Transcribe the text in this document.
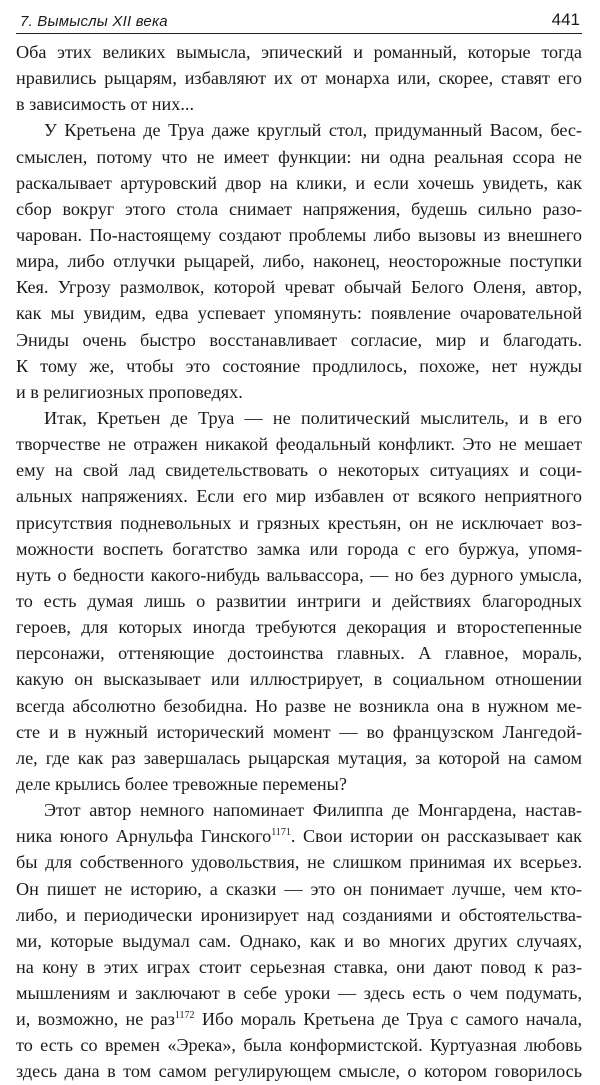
7. Вымыслы XII века	441
Оба этих великих вымысла, эпический и романный, которые тогда
нравились рыцарям, избавляют их от монарха или, скорее, ставят его
в зависимость от них...
У Кретьена де Труа даже круглый стол, придуманный Васом, бес-
смыслен, потому что не имеет функции: ни одна реальная ссора не
раскалывает артуровский двор на клики, и если хочешь увидеть, как
сбор вокруг этого стола снимает напряжения, будешь сильно разо-
чарован. По-настоящему создают проблемы либо вызовы из внешнего
мира, либо отлучки рыцарей, либо, наконец, неосторожные поступки
Кея. Угрозу размолвок, которой чреват обычай Белого Оленя, автор,
как мы увидим, едва успевает упомянуть: появление очаровательной
Эниды очень быстро восстанавливает согласие, мир и благодать.
К тому же, чтобы это состояние продлилось, похоже, нет нужды
и в религиозных проповедях.
Итак, Кретьен де Труа — не политический мыслитель, и в его
творчестве не отражен никакой феодальный конфликт. Это не мешает
ему на свой лад свидетельствовать о некоторых ситуациях и соци-
альных напряжениях. Если его мир избавлен от всякого неприятного
присутствия подневольных и грязных крестьян, он не исключает воз-
можности воспеть богатство замка или города с его буржуа, упомя-
нуть о бедности какого-нибудь вальвассора, — но без дурного умысла,
то есть думая лишь о развитии интриги и действиях благородных
героев, для которых иногда требуются декорация и второстепенные
персонажи, оттеняющие достоинства главных. А главное, мораль,
какую он высказывает или иллюстрирует, в социальном отношении
всегда абсолютно безобидна. Но разве не возникла она в нужном ме-
сте и в нужный исторический момент — во французском Лангедой-
ле, где как раз завершалась рыцарская мутация, за которой на самом
деле крылись более тревожные перемены?
Этот автор немного напоминает Филиппа де Монгардена, настав-
ника юного Арнульфа Гинского$^{1171}$. Свои истории он рассказывает как
бы для собственного удовольствия, не слишком принимая их всерьез.
Он пишет не историю, а сказки — это он понимает лучше, чем кто-
либо, и периодически иронизирует над созданиями и обстоятельства-
ми, которые выдумал сам. Однако, как и во многих других случаях,
на кону в этих играх стоит серьезная ставка, они дают повод к раз-
мышлениям и заключают в себе уроки — здесь есть о чем подумать,
и, возможно, не раз$^{1172}$ Ибо мораль Кретьена де Труа с самого начала,
то есть со времен «Эрека», была конформистской. Куртуазная любовь
здесь дана в том самом регулирующем смысле, о котором говорилось
